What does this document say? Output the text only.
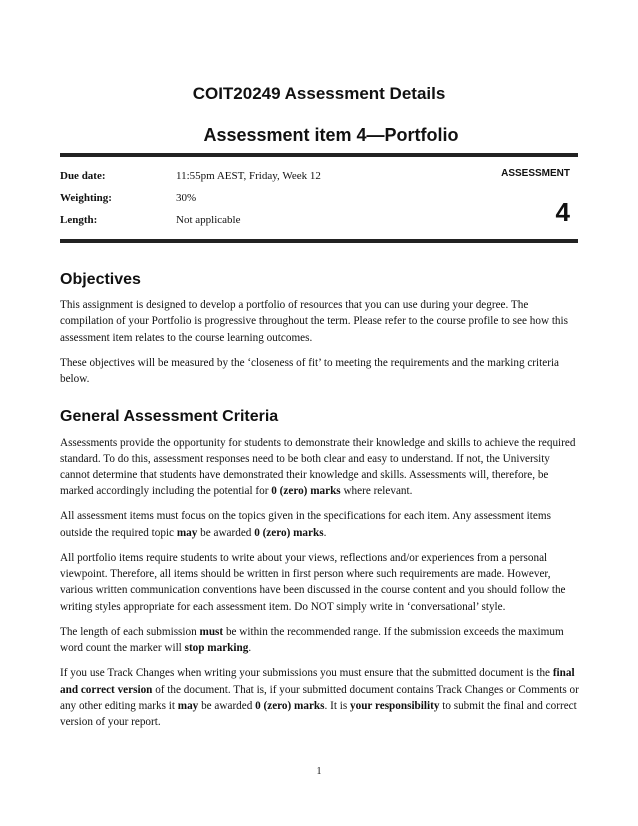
COIT20249 Assessment Details
Assessment item 4—Portfolio
Due date:	11:55pm AEST, Friday, Week 12
Weighting:	30%
Length:	Not applicable
ASSESSMENT
4
Objectives

This assignment is designed to develop a portfolio of resources that you can use during your degree. The compilation of your Portfolio is progressive throughout the term. Please refer to the course profile to see how this assessment item relates to the course learning outcomes.

These objectives will be measured by the ‘closeness of fit’ to meeting the requirements and the marking criteria below.

General Assessment Criteria

Assessments provide the opportunity for students to demonstrate their knowledge and skills to achieve the required standard. To do this, assessment responses need to be both clear and easy to understand. If not, the University cannot determine that students have demonstrated their knowledge and skills. Assessments will, therefore, be marked accordingly including the potential for 0 (zero) marks where relevant.

All assessment items must focus on the topics given in the specifications for each item. Any assessment items outside the required topic may be awarded 0 (zero) marks.

All portfolio items require students to write about your views, reflections and/or experiences from a personal viewpoint. Therefore, all items should be written in first person where such requirements are made. However, various written communication conventions have been discussed in the course content and you should follow the writing styles appropriate for each assessment item. Do NOT simply write in ‘conversational’ style.

The length of each submission must be within the recommended range. If the submission exceeds the maximum word count the marker will stop marking.

If you use Track Changes when writing your submissions you must ensure that the submitted document is the final and correct version of the document. That is, if your submitted document contains Track Changes or Comments or any other editing marks it may be awarded 0 (zero) marks. It is your responsibility to submit the final and correct version of your report.

1
